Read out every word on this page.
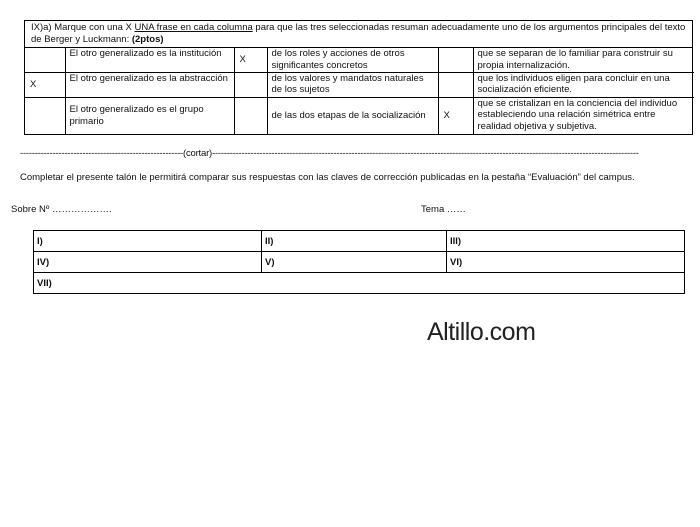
IX)a) Marque con una X UNA frase en cada columna para que las tres seleccionadas resuman adecuadamente uno de los argumentos principales del texto de Berger y Luckmann: (2ptos)
	El otro generalizado es la institución	X	de los roles y acciones de otros significantes concretos		que se separan de lo familiar para construir su propia internalización.
X	El otro generalizado es la abstracción		de los valores y mandatos naturales de los sujetos		que los individuos eligen para concluir en una socialización eficiente.
	El otro generalizado es el grupo primario		de las dos etapas de la socialización	X	que se cristalizan en la conciencia del individuo estableciendo una relación simétrica entre realidad objetiva y subjetiva.
-------------------------------------------------------(cortar)------------------------------------------------------------------------------------------------------------------------------------------------
Completar el presente talón le permitirá comparar sus respuestas con las claves de corrección publicadas en la pestaña “Evaluación” del campus.
Sobre Nº ……………….	Tema ……
I)	II)	III)
IV)	V)	VI)
VII)		
Altillo.com
